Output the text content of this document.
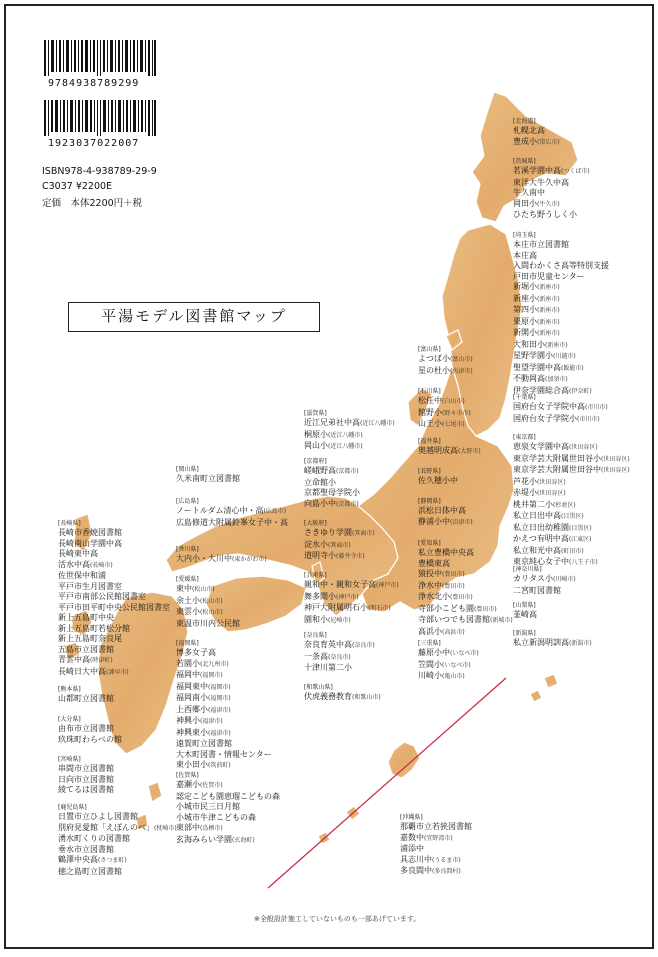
9784938789299
1923037022007
ISBN978-4-938789-29-9
C3037 ¥2200E
定価　本体2200円＋税
平湯モデル図書館マップ
[北海道]
札幌北高
豊成小(帯広市)
[茨城県]
茗溪学園中高(つくば市)
東洋大牛久中高
牛久南中
岡田小(牛久市)
ひたち野うしく小
[埼玉県]
本庄市立図書館
本庄高
入間わかくさ高等特別支援
戸田市児童センター
新堀小(新座市)
新座小(新座市)
第四小(新座市)
栗原小(新座市)
新開小(新座市)
大和田小(新座市)
星野学園小(川越市)
聖望学園中高(飯能市)
不動岡高(加須市)
伊奈学園総合高(伊奈町)
[千葉県]
国府台女子学院中高(市川市)
国府台女子学院小(市川市)
[東京都]
恵泉女学園中高(世田谷区)
東京学芸大附属世田谷小(世田谷区)
東京学芸大附属世田谷中(世田谷区)
芦花小(世田谷区)
赤堤小(世田谷区)
桃井第二小(杉並区)
私立日出中高(目黒区)
私立日出幼稚園(目黒区)
かえつ有明中高(江東区)
私立和光中高(町田市)
東京純心女子中(八王子市)
[神奈川県]
カリタス小(川崎市)
二宮町図書館
[山梨県]
韮崎高
[新潟県]
私立新潟明訓高(新潟市)
[富山県]
よつば小(富山市)
星の杜小(魚津市)
[石川県]
松任中(白山市)
館野小(野々市市)
山王小(七尾市)
[福井県]
奥越明成高(大野市)
[長野県]
佐久穂小中
[静岡県]
浜松日体中高
静浦小中(沼津市)
[愛知県]
私立豊橋中央高
豊橋東高
猿投中(豊田市)
浄水中(豊田市)
浄水北小(豊田市)
寺部小こども園(豊田市)
寺部いつでも図書館(新城市)
高浜小(高浜市)
[三重県]
藤原小中(いなべ市)
笠間小(いなべ市)
川崎小(亀山市)
[滋賀県]
近江兄弟社中高(近江八幡市)
桐原小(近江八幡市)
岡山小(近江八幡市)
[京都府]
嵯峨野高(京都市)
立命館小
京都聖母学院小
向島小中(京都市)
[大阪府]
さきゆり学園(箕面市)
淀水小(箕面市)
道明寺小(藤井寺市)
[兵庫県]
親和中・親和女子高(神戸市)
舞多聞小(神戸市)
神戸大附属明石小(明石市)
園和小(尼崎市)
[奈良県]
奈良育英中高(奈良市)
一条高(奈良市)
十津川第二小
[和歌山県]
伏虎義務教育(和歌山市)
[岡山県]
久米南町立図書館
[広島県]
ノートルダム清心中・高(広島市)
広島修道大附属鈴峯女子中・高
[香川県]
大内小・大川中(東かがわ市)
[愛媛県]
東中(松山市)
余土小(松山市)
東雲小(松山市)
東温市川内公民館
[福岡県]
博多女子高
若園小(北九州市)
福岡中(福岡市)
福岡東中(福岡市)
福岡南小(福岡市)
上西郷小(福津市)
神興小(福津市)
神興東小(福津市)
遠賀町立図書館
大木町図書・情報センター
東小田小(筑前町)
[佐賀県]
嘉瀬小(佐賀市)
認定こども園恵瑠こどもの森
小城市民三日月館
小城市牛津こどもの森
東部中(鳥栖市)
玄海みらい学園(玄海町)
[長崎県]
長崎市香焼図書館
長崎南山学園中高
長崎東中高
活水中高(長崎市)
佐世保中和浦
平戸市生月図書室
平戸市南部公民館図書室
平戸市田平町中央公民館図書室
新上五島町中央
新上五島町若松分館
新上五島町奈良尾
五島市立図書館
青雲中高(時津町)
長崎日大中高(諫早市)
[熊本県]
山都町立図書館
[大分県]
由布市立図書館
玖珠町わらべの館
[宮崎県]
串間市立図書館
日向市立図書館
綾てるは図書館
[鹿児島県]
日置市立ひよし図書館
別府見愛館「えぼんのべ」(枕崎市)
湧水町くりの図書館
垂水市立図書館
鶴澤中央高(さつま町)
徳之島町立図書館
[沖縄県]
那覇市立若狭図書館
嘉数中(宜野湾市)
浦添中
具志川中(うるま市)
多良間中(多良間村)
※全般設計施工していないものも一部あげています。
